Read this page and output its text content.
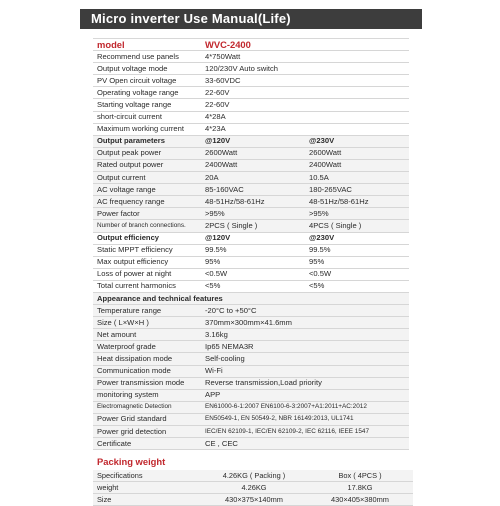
Micro inverter Use Manual(Life)
model	WVC-2400	
Recommend use panels	4*750Watt	
Output voltage mode	120/230V Auto switch	
PV Open circuit voltage	33-60VDC	
Operating voltage range	22-60V	
Starting voltage range	22-60V	
short-circuit current	4*28A	
Maximum working current	4*23A	
Output parameters	@120V	@230V
Output peak power	2600Watt	2600Watt
Rated output power	2400Watt	2400Watt
Output current	20A	10.5A
AC voltage range	85-160VAC	180-265VAC
AC frequency range	48-51Hz/58-61Hz	48-51Hz/58-61Hz
Power factor	>95%	>95%
Number of branch connections.	2PCS ( Single )	4PCS ( Single )
Output efficiency	@120V	@230V
Static MPPT efficiency	99.5%	99.5%
Max output efficiency	95%	95%
Loss of power at night	<0.5W	<0.5W
Total current harmonics	<5%	<5%
Appearance and technical features		
Temperature range	-20°C to +50°C	
Size ( L×W×H )	370mm×300mm×41.6mm	
Net amount	3.16kg	
Waterproof grade	Ip65 NEMA3R	
Heat dissipation mode	Self-cooling	
Communication mode	Wi-Fi	
Power transmission mode	Reverse transmission,Load priority	
monitoring system	APP	
Electromagnetic Detection	EN61000-6-1:2007 EN6100-6-3:2007+A1:2011+AC:2012	
Power Grid standard	EN50549-1, EN 50549-2, NBR 16149:2013, UL1741	
Power grid detection	IEC/EN 62109-1, IEC/EN 62109-2, IEC 62116, IEEE 1547	
Certificate	CE , CEC	
Packing weight
Specifications	4.26KG ( Packing )	Box ( 4PCS )
weight	4.26KG	17.8KG
Size	430×375×140mm	430×405×380mm
